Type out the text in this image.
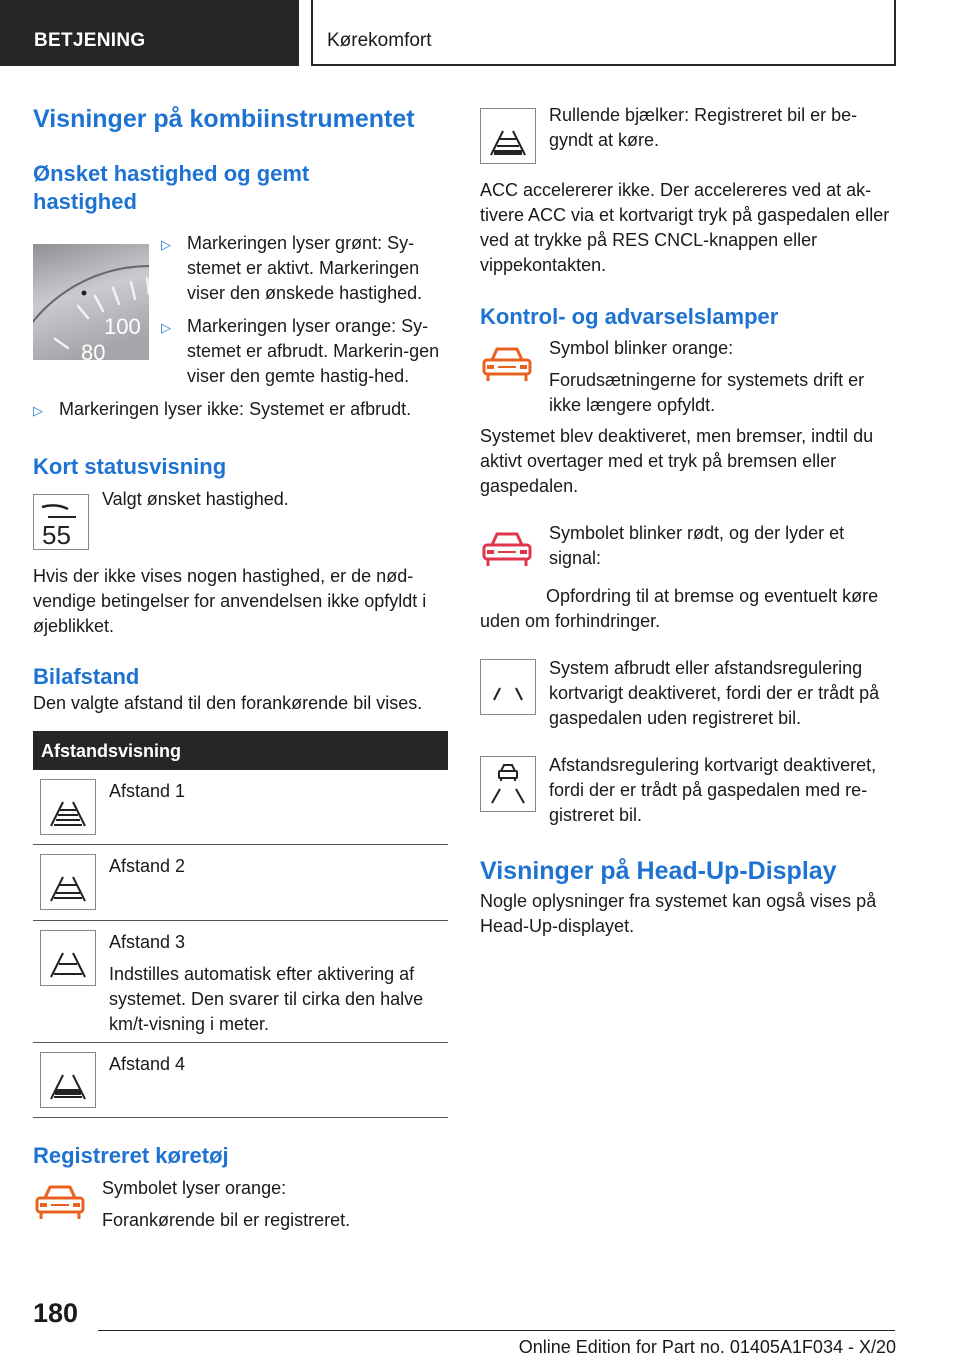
BETJENING	Kørekomfort
Visninger på kombiinstrumentet
Ønsket hastighed og gemt hastighed
100
80
▷ Markeringen lyser grønt: Sy-stemet er aktivt. Markeringen viser den ønskede hastighed.
▷ Markeringen lyser orange: Sy-stemet er afbrudt. Markerin-gen viser den gemte hastig-hed.
▷ Markeringen lyser ikke: Systemet er afbrudt.
Kort statusvisning
55
Valgt ønsket hastighed.

Hvis der ikke vises nogen hastighed, er de nød-vendige betingelser for anvendelsen ikke opfyldt i øjeblikket.

Bilafstand

Den valgte afstand til den forankørende bil vises.

Afstandsvisning

Afstand 1

Afstand 2

Afstand 3

Indstilles automatisk efter aktivering af systemet. Den svarer til cirka den halve km/t-visning i meter.

Afstand 4

Registreret køretøj

Symbolet lyser orange:

Forankørende bil er registreret.

Rullende bjælker: Registreret bil er be-gyndt at køre.

ACC accelererer ikke. Der accelereres ved at ak-tivere ACC via et kortvarigt tryk på gaspedalen eller ved at trykke på RES CNCL-knappen eller vippekontakten.

Kontrol- og advarselslamper

Symbol blinker orange:

Forudsætningerne for systemets drift er ikke længere opfyldt.

Systemet blev deaktiveret, men bremser, indtil du aktivt overtager med et tryk på bremsen eller gaspedalen.

Symbolet blinker rødt, og der lyder et signal:

Opfordring til at bremse og eventuelt køre uden om forhindringer.

System afbrudt eller afstandsregulering kortvarigt deaktiveret, fordi der er trådt på gaspedalen uden registreret bil.
Afstandsregulering kortvarigt deaktiveret, fordi der er trådt på gaspedalen med re-gistreret bil.
Visninger på Head-Up-Display

Nogle oplysninger fra systemet kan også vises på Head-Up-displayet.

180
Online Edition for Part no. 01405A1F034 - X/20
